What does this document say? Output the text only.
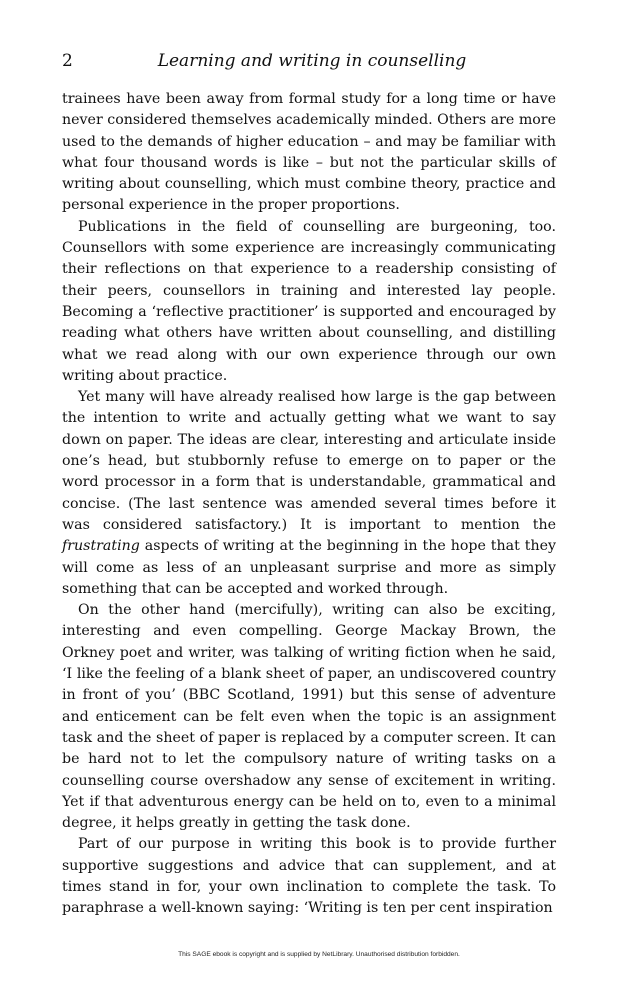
2	Learning and writing in counselling

trainees have been away from formal study for a long time or have never considered themselves academically minded. Others are more used to the demands of higher education – and may be familiar with what four thousand words is like – but not the particular skills of writing about counselling, which must combine theory, practice and personal experience in the proper proportions.

Publications in the field of counselling are burgeoning, too. Counsellors with some experience are increasingly communicating their reflections on that experience to a readership consisting of their peers, counsellors in training and interested lay people. Becoming a ‘reflective practitioner’ is supported and encouraged by reading what others have written about counselling, and distilling what we read along with our own experience through our own writing about practice.

Yet many will have already realised how large is the gap between the intention to write and actually getting what we want to say down on paper. The ideas are clear, interesting and articulate inside one’s head, but stubbornly refuse to emerge on to paper or the word processor in a form that is understandable, grammatical and concise. (The last sentence was amended several times before it was considered satisfactory.) It is important to mention the frustrating aspects of writing at the beginning in the hope that they will come as less of an unpleasant surprise and more as simply something that can be accepted and worked through.

On the other hand (mercifully), writing can also be exciting, interesting and even compelling. George Mackay Brown, the Orkney poet and writer, was talking of writing fiction when he said, ‘I like the feeling of a blank sheet of paper, an undiscovered country in front of you’ (BBC Scotland, 1991) but this sense of adventure and enticement can be felt even when the topic is an assignment task and the sheet of paper is replaced by a computer screen. It can be hard not to let the compulsory nature of writing tasks on a counselling course overshadow any sense of excitement in writing. Yet if that adventurous energy can be held on to, even to a minimal degree, it helps greatly in getting the task done.

Part of our purpose in writing this book is to provide further supportive suggestions and advice that can supplement, and at times stand in for, your own inclination to complete the task. To paraphrase a well-known saying: ‘Writing is ten per cent inspiration

This SAGE ebook is copyright and is supplied by NetLibrary. Unauthorised distribution forbidden.
